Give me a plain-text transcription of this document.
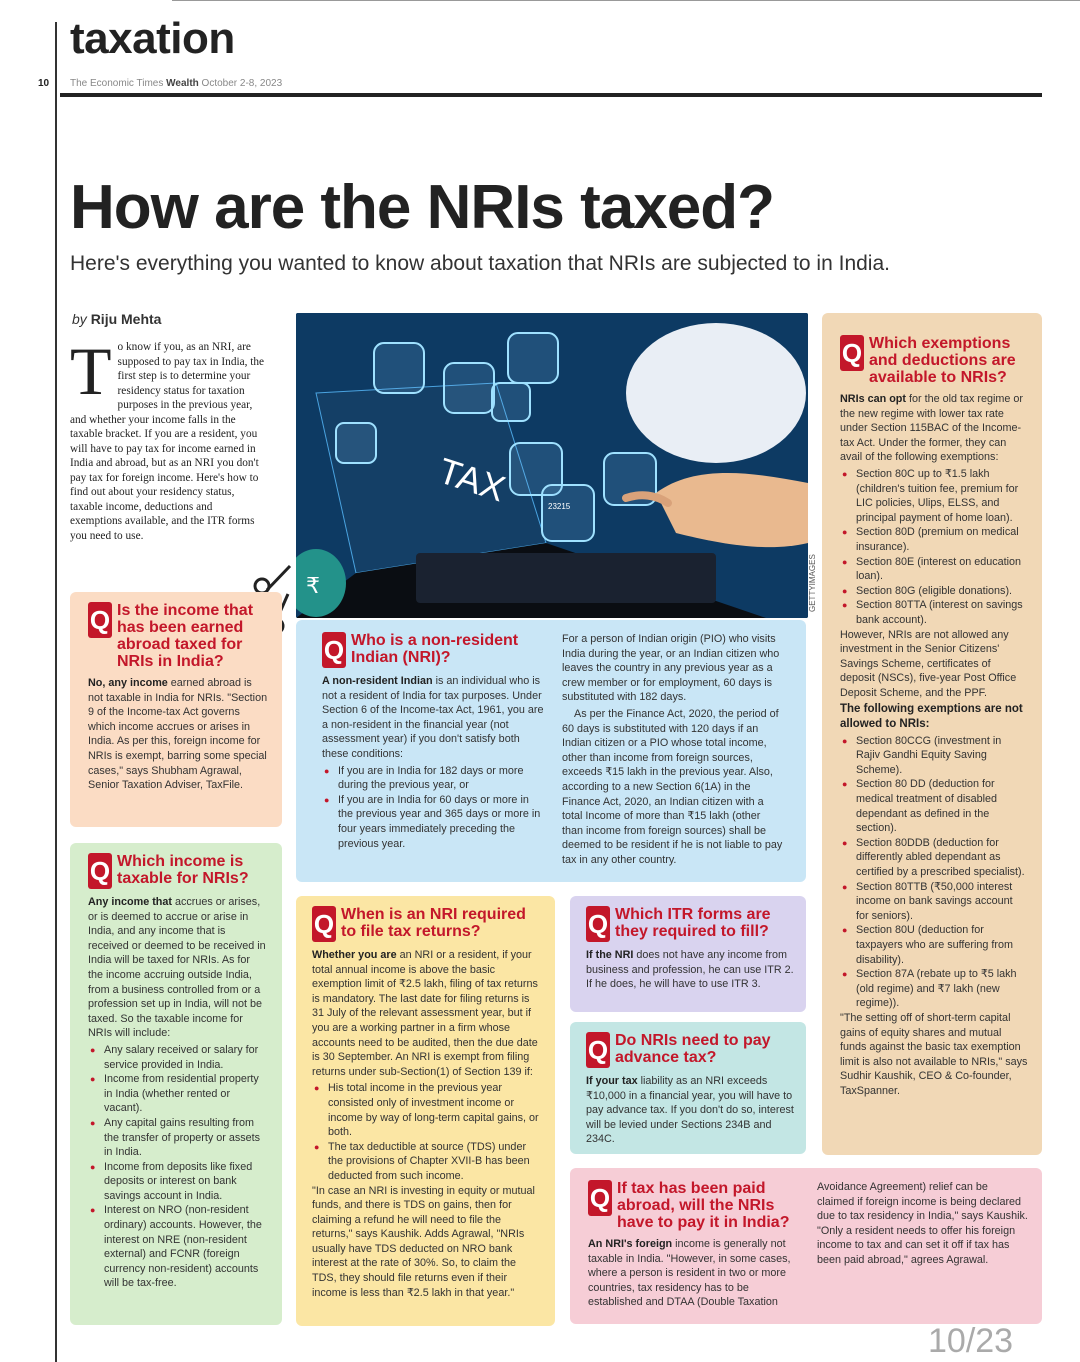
taxation
10 The Economic Times Wealth October 2-8, 2023
How are the NRIs taxed?
Here's everything you wanted to know about taxation that NRIs are subjected to in India.
by Riju Mehta
T o know if you, as an NRI, are supposed to pay tax in India, the first step is to determine your residency status for taxation purposes in the previous year, and whether your income falls in the taxable bracket. If you are a resident, you will have to pay tax for income earned in India and abroad, but as an NRI you don't pay tax for foreign income. Here's how to find out about your residency status, taxable income, deductions and exemptions available, and the ITR forms you need to use.
TAX	23215
₹	GETTYIMAGES
Q Is the income that has been earned abroad taxed for NRIs in India?

No, any income earned abroad is not taxable in India for NRIs. "Section 9 of the Income-tax Act governs which income accrues or arises in India. As per this, foreign income for NRIs is exempt, barring some special cases," says Shubham Agrawal, Senior Taxation Adviser, TaxFile.

Q Which income is taxable for NRIs?

Any income that accrues or arises, or is deemed to accrue or arise in India, and any income that is received or deemed to be received in India will be taxed for NRIs. As for the income accruing outside India, from a business controlled from or a profession set up in India, will not be taxed. So the taxable income for NRIs will include:

● Any salary received or salary for service provided in India.
● Income from residential property in India (whether rented or vacant).
● Any capital gains resulting from the transfer of property or assets in India.
● Income from deposits like fixed deposits or interest on bank savings account in India.
● Interest on NRO (non-resident ordinary) accounts. However, the interest on NRE (non-resident external) and FCNR (foreign currency non-resident) accounts will be tax-free.
Q Who is a non-resident Indian (NRI)?

A non-resident Indian is an individual who is not a resident of India for tax purposes. Under Section 6 of the Income-tax Act, 1961, you are a non-resident in the financial year (not assessment year) if you don't satisfy both these conditions:

● If you are in India for 182 days or more during the previous year, or
● If you are in India for 60 days or more in the previous year and 365 days or more in four years immediately preceding the previous year.

For a person of Indian origin (PIO) who visits India during the year, or an Indian citizen who leaves the country in any previous year as a crew member or for employment, 60 days is substituted with 182 days.

As per the Finance Act, 2020, the period of 60 days is substituted with 120 days if an Indian citizen or a PIO whose total income, other than income from foreign sources, exceeds ₹15 lakh in the previous year. Also, according to a new Section 6(1A) in the Finance Act, 2020, an Indian citizen with a total Income of more than ₹15 lakh (other than income from foreign sources) shall be deemed to be resident if he is not liable to pay tax in any other country.

Q When is an NRI required to file tax returns?

Whether you are an NRI or a resident, if your total annual income is above the basic exemption limit of ₹2.5 lakh, filing of tax returns is mandatory. The last date for filing returns is 31 July of the relevant assessment year, but if you are a working partner in a firm whose accounts need to be audited, then the due date is 30 September. An NRI is exempt from filing returns under sub-Section(1) of Section 139 if:

● His total income in the previous year consisted only of investment income or income by way of long-term capital gains, or both.
● The tax deductible at source (TDS) under the provisions of Chapter XVII-B has been deducted from such income.

"In case an NRI is investing in equity or mutual funds, and there is TDS on gains, then for claiming a refund he will need to file the returns," says Kaushik. Adds Agrawal, "NRIs usually have TDS deducted on NRO bank interest at the rate of 30%. So, to claim the TDS, they should file returns even if their income is less than ₹2.5 lakh in that year."

Q Which ITR forms are they required to fill?

If the NRI does not have any income from business and profession, he can use ITR 2. If he does, he will have to use ITR 3.

Q Do NRIs need to pay advance tax?

If your tax liability as an NRI exceeds ₹10,000 in a financial year, you will have to pay advance tax. If you don't do so, interest will be levied under Sections 234B and 234C.

Q If tax has been paid abroad, will the NRIs have to pay it in India?

An NRI's foreign income is generally not taxable in India. "However, in some cases, where a person is resident in two or more countries, tax residency has to be established and DTAA (Double Taxation Avoidance Agreement) relief can be claimed if foreign income is being declared due to tax residency in India," says Kaushik. "Only a resident needs to offer his foreign income to tax and can set it off if tax has been paid abroad," agrees Agrawal.

Q Which exemptions and deductions are available to NRIs?

NRIs can opt for the old tax regime or the new regime with lower tax rate under Section 115BAC of the Income-tax Act. Under the former, they can avail of the following exemptions:

● Section 80C up to ₹1.5 lakh (children's tuition fee, premium for LIC policies, Ulips, ELSS, and principal payment of home loan).
● Section 80D (premium on medical insurance).
● Section 80E (interest on education loan).
● Section 80G (eligible donations).
● Section 80TTA (interest on savings bank account).

However, NRIs are not allowed any investment in the Senior Citizens' Savings Scheme, certificates of deposit (NSCs), five-year Post Office Deposit Scheme, and the PPF.

The following exemptions are not allowed to NRIs:

● Section 80CCG (investment in Rajiv Gandhi Equity Saving Scheme).
● Section 80 DD (deduction for medical treatment of disabled dependant as defined in the section).
● Section 80DDB (deduction for differently abled dependant as certified by a prescribed specialist).
● Section 80TTB (₹50,000 interest income on bank savings account for seniors).
● Section 80U (deduction for taxpayers who are suffering from disability).
● Section 87A (rebate up to ₹5 lakh (old regime) and ₹7 lakh (new regime)).

"The setting off of short-term capital gains of equity shares and mutual funds against the basic tax exemption limit is also not available to NRIs," says Sudhir Kaushik, CEO & Co-founder, TaxSpanner.

10/23
